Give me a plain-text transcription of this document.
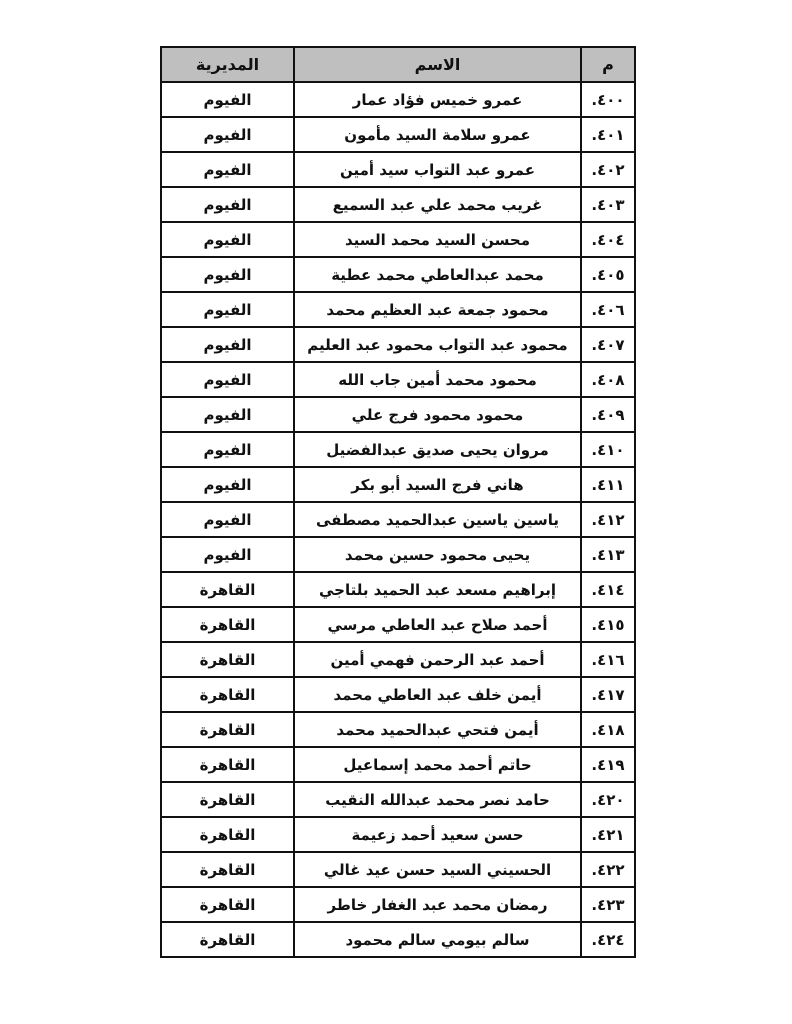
م	الاسم	المديرية
٤٠٠.	عمرو خميس فؤاد عمار	الفيوم
٤٠١.	عمرو سلامة السيد مأمون	الفيوم
٤٠٢.	عمرو عبد التواب سيد أمين	الفيوم
٤٠٣.	غريب محمد علي عبد السميع	الفيوم
٤٠٤.	محسن السيد محمد السيد	الفيوم
٤٠٥.	محمد عبدالعاطي محمد عطية	الفيوم
٤٠٦.	محمود جمعة عبد العظيم محمد	الفيوم
٤٠٧.	محمود عبد التواب محمود عبد العليم	الفيوم
٤٠٨.	محمود محمد أمين جاب الله	الفيوم
٤٠٩.	محمود محمود فرج علي	الفيوم
٤١٠.	مروان يحيى صديق عبدالفضيل	الفيوم
٤١١.	هاني فرج السيد أبو بكر	الفيوم
٤١٢.	ياسين ياسين عبدالحميد مصطفى	الفيوم
٤١٣.	يحيى محمود حسين محمد	الفيوم
٤١٤.	إبراهيم مسعد عبد الحميد بلتاجي	القاهرة
٤١٥.	أحمد صلاح عبد العاطي مرسي	القاهرة
٤١٦.	أحمد عبد الرحمن فهمي أمين	القاهرة
٤١٧.	أيمن خلف عبد العاطي محمد	القاهرة
٤١٨.	أيمن فتحي عبدالحميد محمد	القاهرة
٤١٩.	حاتم أحمد محمد إسماعيل	القاهرة
٤٢٠.	حامد نصر محمد عبدالله النقيب	القاهرة
٤٢١.	حسن سعيد أحمد زعيمة	القاهرة
٤٢٢.	الحسيني السيد حسن عيد غالي	القاهرة
٤٢٣.	رمضان محمد عبد الغفار خاطر	القاهرة
٤٢٤.	سالم بيومي سالم محمود	القاهرة
